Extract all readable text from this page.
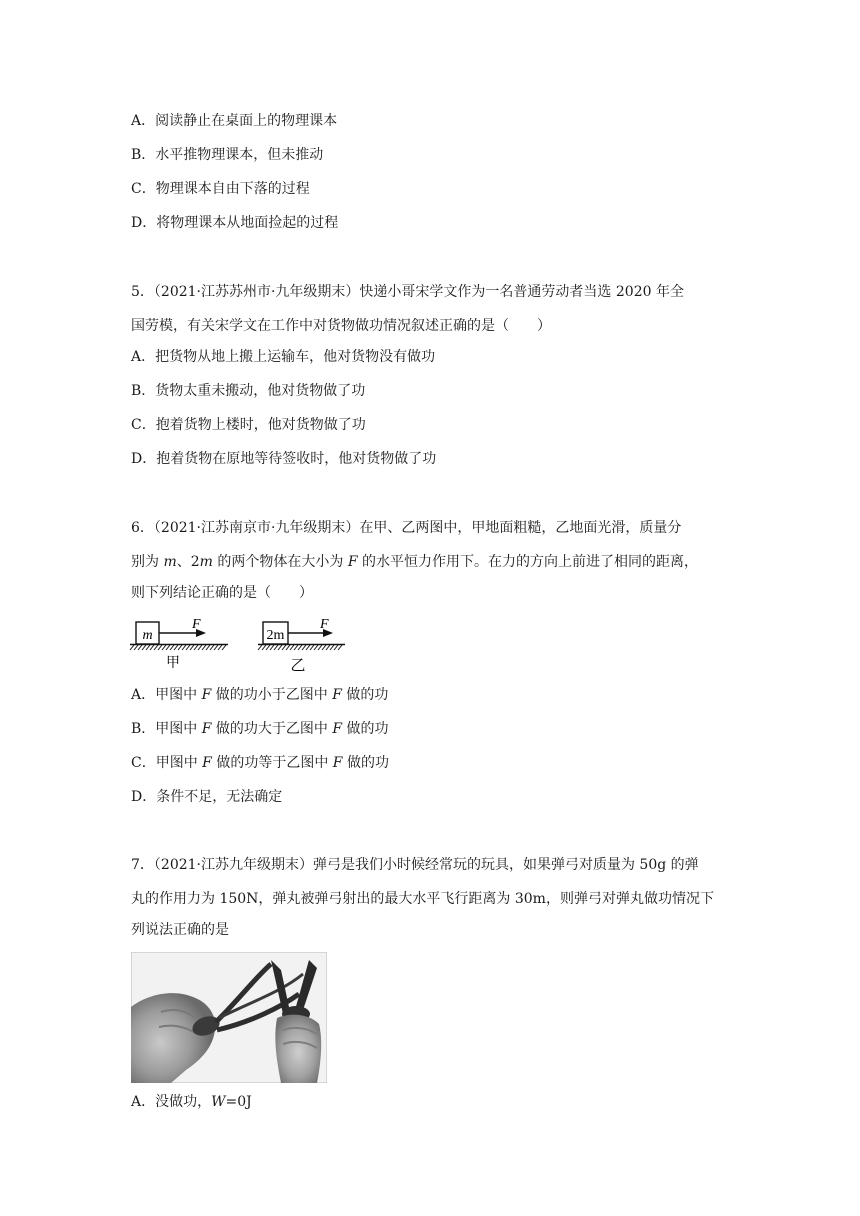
A．阅读静止在桌面上的物理课本
B．水平推物理课本，但未推动
C．物理课本自由下落的过程
D．将物理课本从地面捡起的过程
5．（2021·江苏苏州市·九年级期末）快递小哥宋学文作为一名普通劳动者当选 2020 年全
国劳模，有关宋学文在工作中对货物做功情况叙述正确的是（　　）
A．把货物从地上搬上运输车，他对货物没有做功
B．货物太重未搬动，他对货物做了功
C．抱着货物上楼时，他对货物做了功
D．抱着货物在原地等待签收时，他对货物做了功
6．（2021·江苏南京市·九年级期末）在甲、乙两图中，甲地面粗糙，乙地面光滑，质量分
别为 m、2m 的两个物体在大小为 F 的水平恒力作用下。在力的方向上前进了相同的距离，
则下列结论正确的是（　　）
m
F
甲
2m
F
乙
A．甲图中 F 做的功小于乙图中 F 做的功
B．甲图中 F 做的功大于乙图中 F 做的功
C．甲图中 F 做的功等于乙图中 F 做的功
D．条件不足，无法确定
7．（2021·江苏九年级期末）弹弓是我们小时候经常玩的玩具，如果弹弓对质量为 50g 的弹
丸的作用力为 150N，弹丸被弹弓射出的最大水平飞行距离为 30m，则弹弓对弹丸做功情况下
列说法正确的是
A．没做功，W=0J
